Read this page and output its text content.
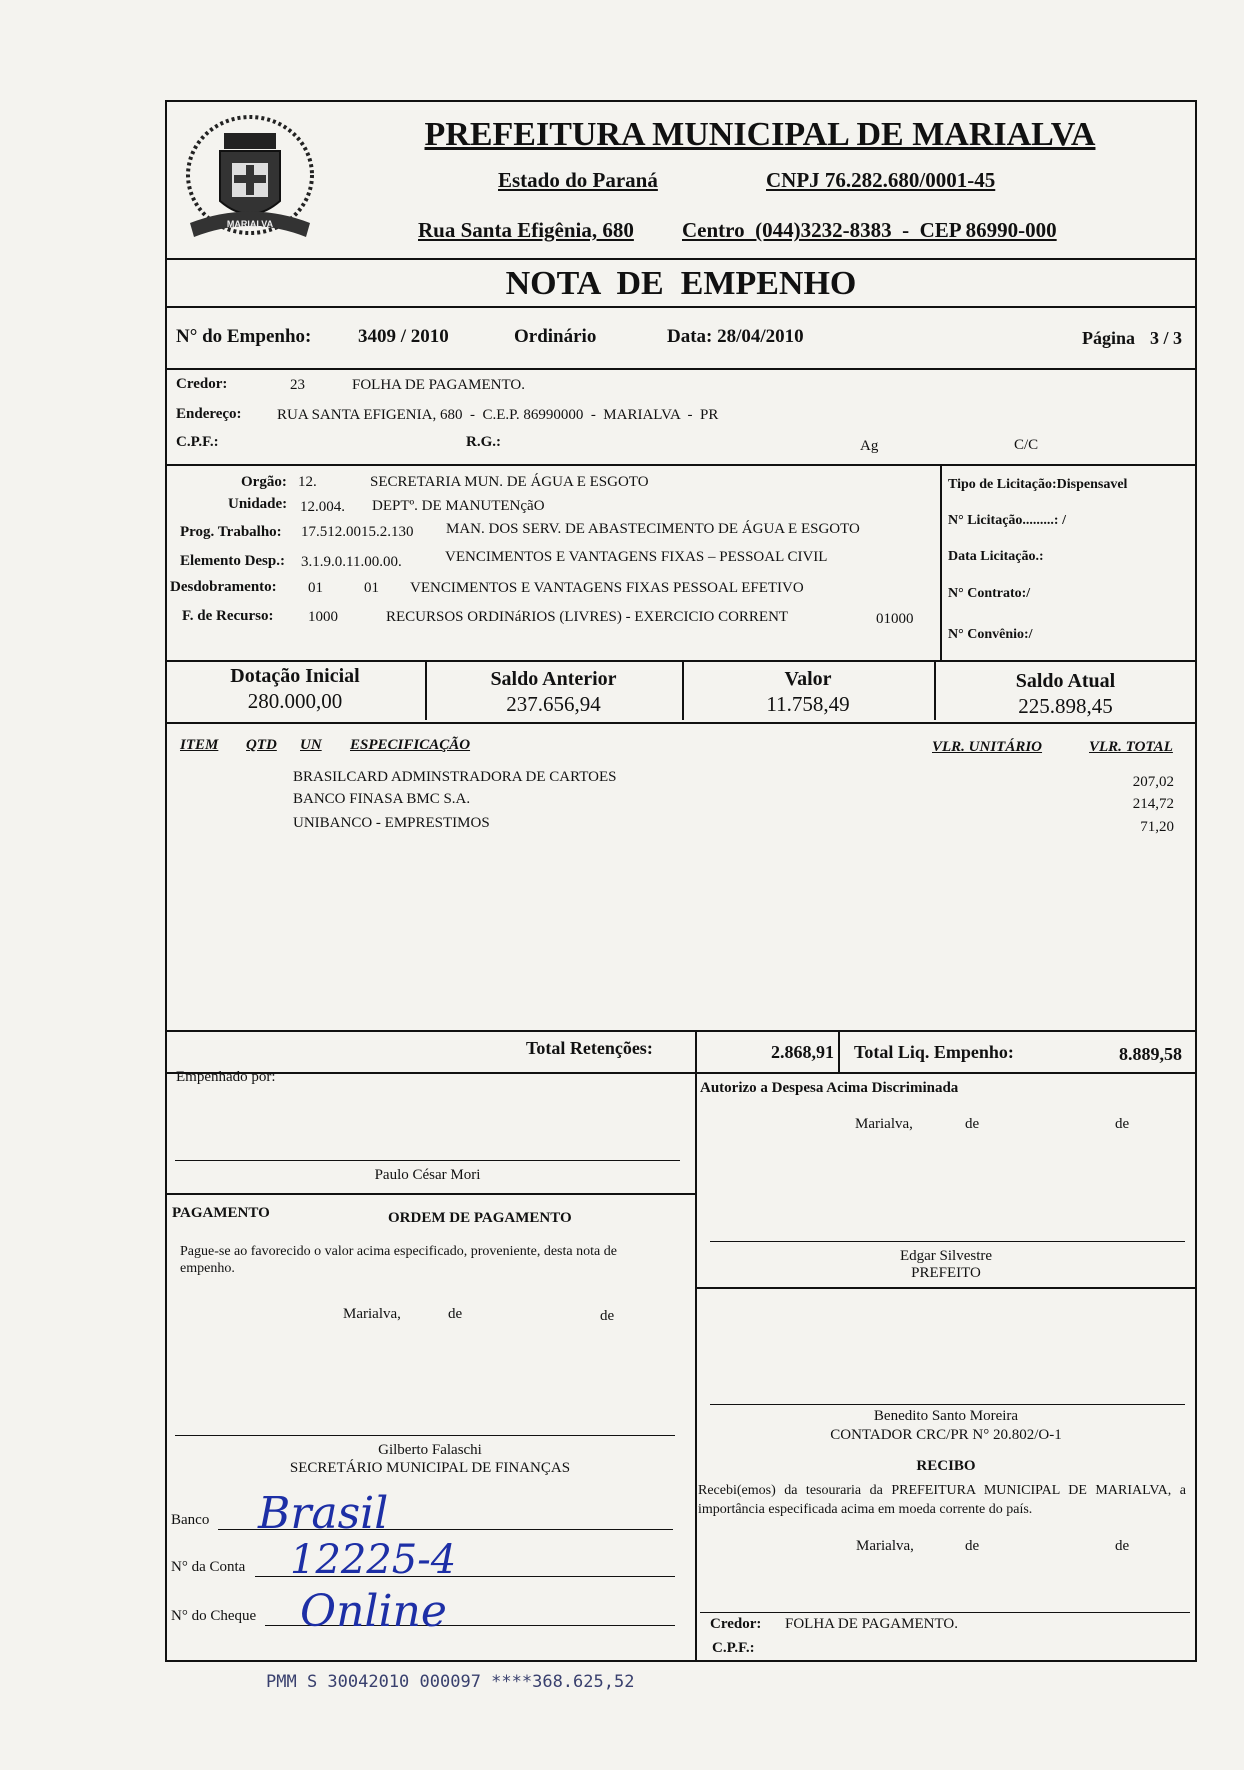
MARIALVA
PREFEITURA MUNICIPAL DE MARIALVA
Estado do Paraná	CNPJ 76.282.680/0001-45
Rua Santa Efigênia, 680 Centro  (044)3232-8383  -  CEP 86990-000
NOTA  DE  EMPENHO
N° do Empenho: 3409 / 2010	Ordinário	Data: 28/04/2010	Página 3 / 3
Credor:	23	FOLHA DE PAGAMENTO.
Endereço: RUA SANTA EFIGENIA, 680  -  C.E.P. 86990000  -  MARIALVA  -  PR
C.P.F.:	R.G.:	Ag	C/C
Orgão: 12.	SECRETARIA MUN. DE ÁGUA E ESGOTO
Unidade: 12.004. DEPTº. DE MANUTENçãO
Prog. Trabalho: 17.512.0015.2.130 MAN. DOS SERV. DE ABASTECIMENTO DE ÁGUA E ESGOTO
Elemento Desp.: 3.1.9.0.11.00.00.	VENCIMENTOS E VANTAGENS FIXAS – PESSOAL CIVIL
Desdobramento: 01	01 VENCIMENTOS E VANTAGENS FIXAS PESSOAL EFETIVO
F. de Recurso: 1000	RECURSOS ORDINáRIOS (LIVRES) - EXERCICIO CORRENT	01000
Tipo de Licitação:Dispensavel
N° Licitação.........: /
Data Licitação.:
N° Contrato:/
N° Convênio:/
Dotação Inicial
280.000,00
Saldo Anterior
237.656,94
Valor
11.758,49
Saldo Atual
225.898,45
ITEM QTD UN ESPECIFICAÇÃO	VLR. UNITÁRIO	VLR. TOTAL
BRASILCARD ADMINSTRADORA DE CARTOES	207,02
BANCO FINASA BMC S.A.	214,72
UNIBANCO - EMPRESTIMOS	71,20
Total Retenções:	2.868,91 Total Liq. Empenho:	8.889,58
Empenhado por:
Paulo César Mori
Autorizo a Despesa Acima Discriminada
Marialva,	de	de
Edgar Silvestre
PREFEITO
PAGAMENTO	ORDEM DE PAGAMENTO
Pague-se ao favorecido o valor acima especificado, proveniente, desta nota de empenho.
Marialva,	de	de
Gilberto Falaschi
SECRETÁRIO MUNICIPAL DE FINANÇAS
Benedito Santo Moreira
CONTADOR CRC/PR N° 20.802/O-1
RECIBO
Recebi(emos) da tesouraria da PREFEITURA MUNICIPAL DE MARIALVA, a importância especificada acima em moeda corrente do país.
Marialva,	de	de
Credor: FOLHA DE PAGAMENTO.
C.P.F.:
Banco Brasil
N° da Conta 12225-4
N° do Cheque Online
PMM S 30042010 000097 ****368.625,52
